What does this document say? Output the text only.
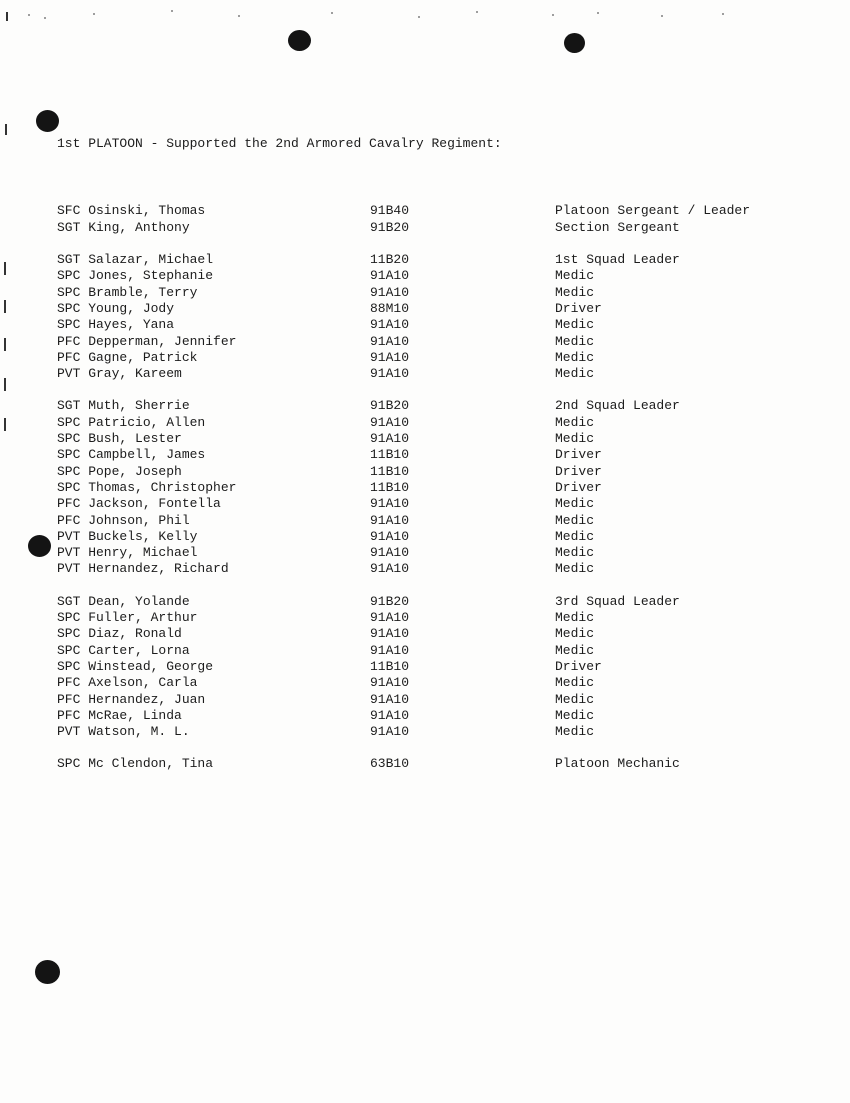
1st PLATOON - Supported the 2nd Armored Cavalry Regiment:

SFC Osinski, Thomas	91B40	Platoon Sergeant / Leader
SGT King, Anthony	91B20	Section Sergeant
SGT Salazar, Michael	11B20	1st Squad Leader
SPC Jones, Stephanie	91A10	Medic
SPC Bramble, Terry	91A10	Medic
SPC Young, Jody	88M10	Driver
SPC Hayes, Yana	91A10	Medic
PFC Depperman, Jennifer	91A10	Medic
PFC Gagne, Patrick	91A10	Medic
PVT Gray, Kareem	91A10	Medic
SGT Muth, Sherrie	91B20	2nd Squad Leader
SPC Patricio, Allen	91A10	Medic
SPC Bush, Lester	91A10	Medic
SPC Campbell, James	11B10	Driver
SPC Pope, Joseph	11B10	Driver
SPC Thomas, Christopher	11B10	Driver
PFC Jackson, Fontella	91A10	Medic
PFC Johnson, Phil	91A10	Medic
PVT Buckels, Kelly	91A10	Medic
PVT Henry, Michael	91A10	Medic
PVT Hernandez, Richard	91A10	Medic
SGT Dean, Yolande	91B20	3rd Squad Leader
SPC Fuller, Arthur	91A10	Medic
SPC Diaz, Ronald	91A10	Medic
SPC Carter, Lorna	91A10	Medic
SPC Winstead, George	11B10	Driver
PFC Axelson, Carla	91A10	Medic
PFC Hernandez, Juan	91A10	Medic
PFC McRae, Linda	91A10	Medic
PVT Watson, M. L.	91A10	Medic
SPC Mc Clendon, Tina	63B10	Platoon Mechanic
